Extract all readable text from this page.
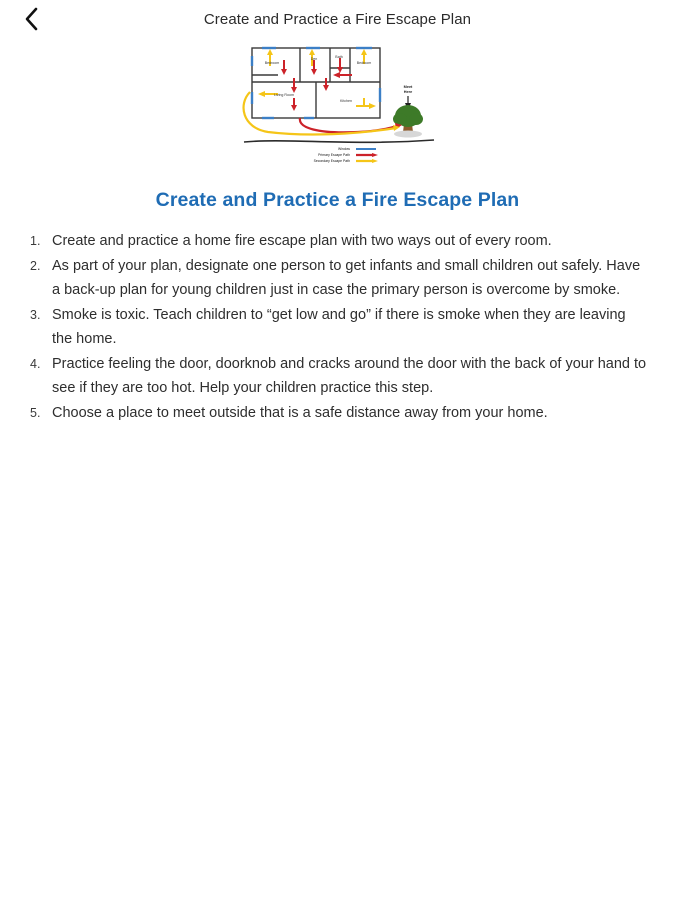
Create and Practice a Fire Escape Plan
Bedroom
Den	Bath
Bedroom
Living Room
Kitchen
Meet
Here
Window
Primary Escape Path
Secondary Escape Path
Create and Practice a Fire Escape Plan
Create and practice a home fire escape plan with two ways out of every room.
As part of your plan, designate one person to get infants and small children out safely. Have a back-up plan for young children just in case the primary person is overcome by smoke.
Smoke is toxic. Teach children to “get low and go” if there is smoke when they are leaving the home.
Practice feeling the door, doorknob and cracks around the door with the back of your hand to see if they are too hot. Help your children practice this step.
Choose a place to meet outside that is a safe distance away from your home.
